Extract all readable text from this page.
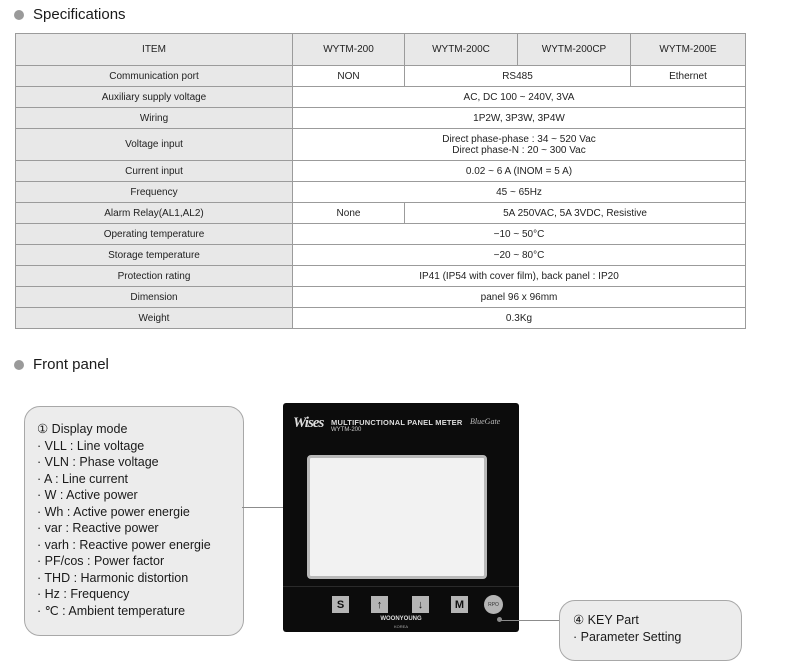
Specifications
ITEM	WYTM-200	WYTM-200C	WYTM-200CP	WYTM-200E
Communication port	NON	RS485		Ethernet
Auxiliary supply voltage	AC, DC 100 ~ 240V, 3VA			
Wiring	1P2W, 3P3W, 3P4W			
Voltage input	Direct phase-phase : 34 ~ 520 Vac
Direct phase-N : 20 ~ 300 Vac			

Current input	0.02 ~ 6 A (INOM = 5 A)			
Frequency	45 ~ 65Hz			
Alarm Relay(AL1,AL2)	None	5A 250VAC, 5A 3VDC, Resistive		
Operating temperature	−10 ~ 50°C			
Storage temperature	−20 ~ 80°C			
Protection rating	IP41 (IP54 with cover film), back panel : IP20			
Dimension	panel 96 x 96mm			
Weight	0.3Kg			
Front panel
① Display mode
· VLL : Line voltage
· VLN : Phase voltage
· A : Line current
· W : Active power
· Wh : Active power energie
· var : Reactive power
· varh : Reactive power energie
· PF/cos : Power factor
· THD : Harmonic distortion
· Hz : Frequency
· ℃ : Ambient temperature
Wises MULTIFUNCTIONAL PANEL METER BlueGate
WYTM-200
S	↑	↓	M	RPO
WOONYOUNG
KOREA	④ KEY Part
· Parameter Setting
